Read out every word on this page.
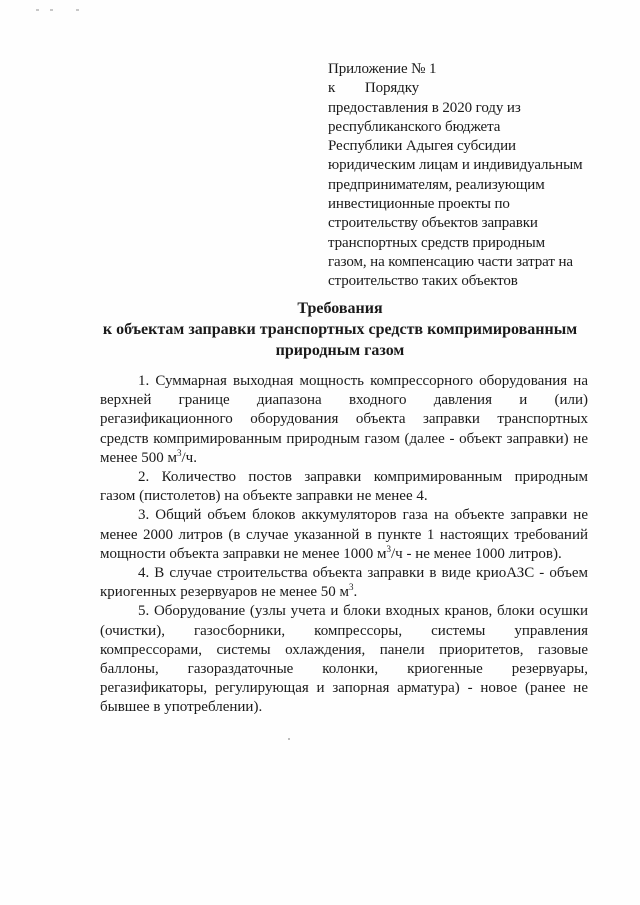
Приложение № 1
к Порядку
предоставления в 2020 году из
республиканского бюджета
Республики Адыгея субсидии
юридическим лицам и индивидуальным
предпринимателям, реализующим
инвестиционные проекты по
строительству объектов заправки
транспортных средств природным
газом, на компенсацию части затрат на
строительство таких объектов
Требования
к объектам заправки транспортных средств компримированным
природным газом
1. Суммарная выходная мощность компрессорного оборудования на
верхней границе диапазона входного давления и (или)
регазификационного оборудования объекта заправки транспортных
средств компримированным природным газом (далее - объект заправки) не
менее 500 $м^3/ч$.
2. Количество постов заправки компримированным природным
газом (пистолетов) на объекте заправки не менее 4.
3. Общий объем блоков аккумуляторов газа на объекте заправки не
менее 2000 литров (в случае указанной в пункте 1 настоящих требований
мощности объекта заправки не менее 1000 $м^3/ч$ - не менее 1000 литров).
4. В случае строительства объекта заправки в виде криоАЗС - объем
криогенных резервуаров не менее 50 $м^3$.
5. Оборудование (узлы учета и блоки входных кранов, блоки осушки
(очистки), газосборники, компрессоры, системы управления
компрессорами, системы охлаждения, панели приоритетов, газовые
баллоны, газораздаточные колонки, криогенные резервуары,
регазификаторы, регулирующая и запорная арматура) - новое (ранее не
бывшее в употреблении).
